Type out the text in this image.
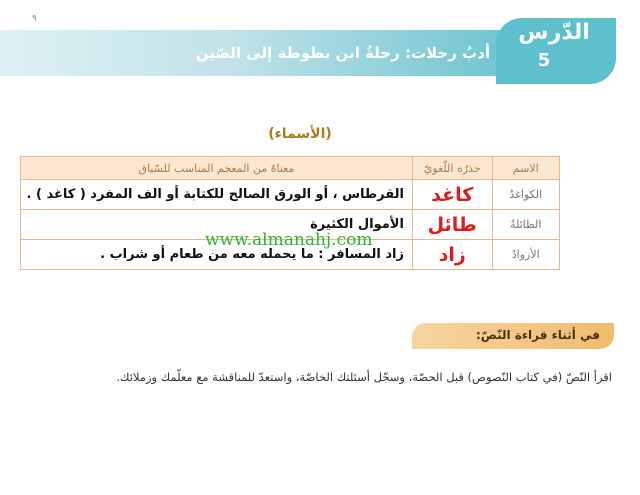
٩
أدبُ رحلات: رحلةُ ابن بطوطة إلى الصّين
الدّرس
5
(الأسماء)
الاسم	جذرُه اللّغويّ	معناهُ من المعجم المناسب للسّياق
الكواغدُ	كاغد	القرطاس ، أو الورق الصالح للكتابة أو الف المفرد ( كاغد ) .
الطائلةُ	طائل	الأموال الكثيرة
الأزوادُ	زاد	زاد المسافر : ما يحمله معه من طعام أو شراب .
www.almanahj.com
في أثناء قراءة النّصّ:

اقرأ النّصّ (في كتاب النّصوص) قبل الحصّة، وسجّل أسئلتك الخاصّة، واستعدّ للمناقشة مع معلّمك وزملائك.
